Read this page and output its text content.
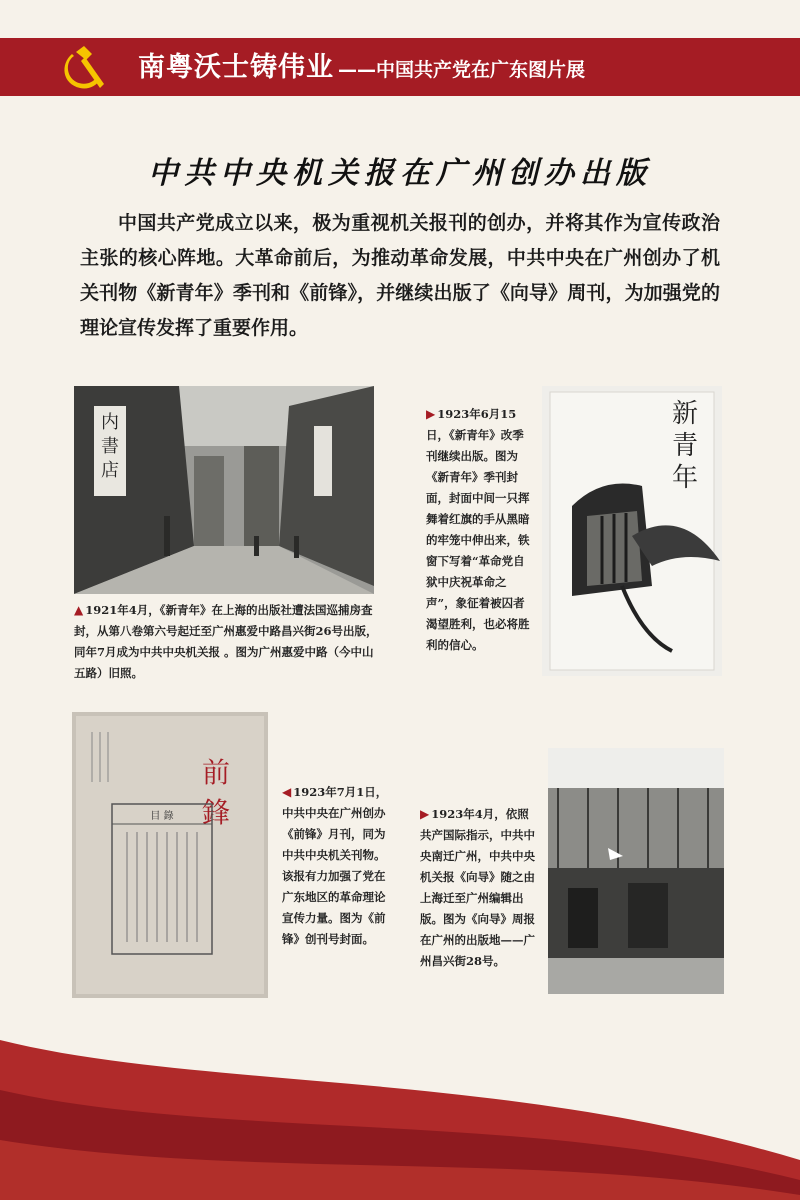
南粤沃士铸伟业 ——中国共产党在广东图片展
中共中央机关报在广州创办出版
中国共产党成立以来，极为重视机关报刊的创办，并将其作为宣传政治主张的核心阵地。大革命前后，为推动革命发展，中共中央在广州创办了机关刊物《新青年》季刊和《前锋》，并继续出版了《向导》周刊，为加强党的理论宣传发挥了重要作用。
内
書
店
新
青
年
前
鋒
目 錄
▲ 1921年4月，《新青年》在上海的出版社遭法国巡捕房查封，从第八卷第六号起迁至广州惠爱中路昌兴街26号出版，同年7月成为中共中央机关报 。图为广州惠爱中路（今中山五路）旧照。
▶ 1923年6月15日，《新青年》改季刊继续出版。图为《新青年》季刊封面，封面中间一只挥舞着红旗的手从黑暗的牢笼中伸出来，铁窗下写着“革命党自狱中庆祝革命之声”，象征着被囚者渴望胜利，也必将胜利的信心。
◀ 1923年7月1日，中共中央在广州创办《前锋》月刊，同为中共中央机关刊物。该报有力加强了党在广东地区的革命理论宣传力量。图为《前锋》创刊号封面。
▶ 1923年4月，依照共产国际指示，中共中央南迁广州，中共中央机关报《向导》随之由上海迁至广州编辑出版。图为《向导》周报在广州的出版地——广州昌兴街28号。
